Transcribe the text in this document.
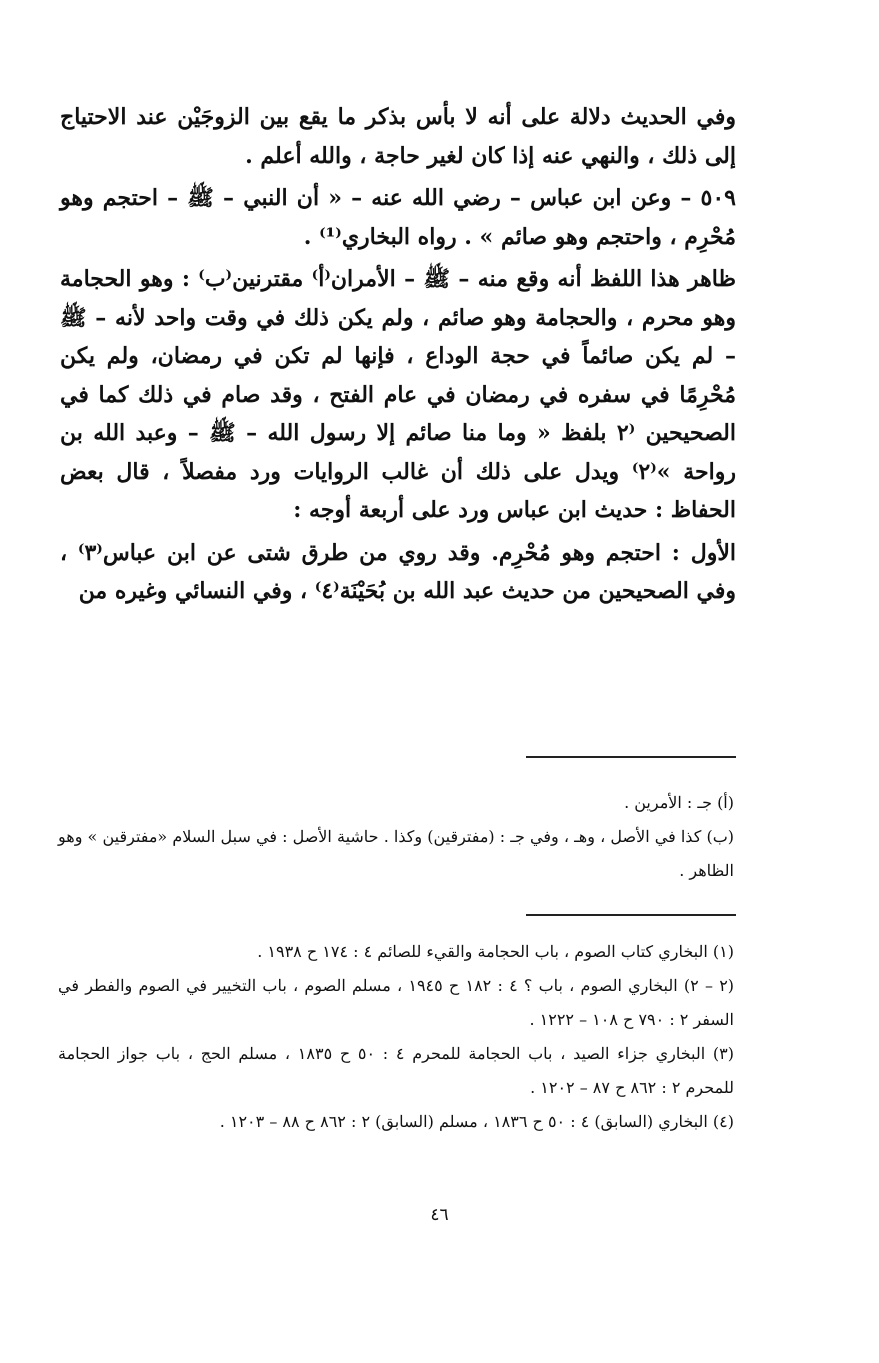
وفي الحديث دلالة على أنه لا بأس بذكر ما يقع بين الزوجَيْن عند الاحتياج إلى ذلك ، والنهي عنه إذا كان لغير حاجة ، والله أعلم .

٥٠٩ – وعن ابن عباس – رضي الله عنه – « أن النبي – ﷺ – احتجم وهو مُحْرِم ، واحتجم وهو صائم » . رواه البخاري⁽¹⁾ .

ظاهر هذا اللفظ أنه وقع منه – ﷺ – الأمران⁽أ⁾ مقترنين⁽ب⁾ : وهو الحجامة وهو محرم ، والحجامة وهو صائم ، ولم يكن ذلك في وقت واحد لأنه – ﷺ – لم يكن صائماً في حجة الوداع ، فإنها لم تكن في رمضان، ولم يكن مُحْرِمًا في سفره في رمضان في عام الفتح ، وقد صام في ذلك كما في الصحيحين ⁽٢ بلفظ « وما منا صائم إلا رسول الله – ﷺ – وعبد الله بن رواحة »⁽٢⁾ ويدل على ذلك أن غالب الروايات ورد مفصلاً ، قال بعض الحفاظ : حديث ابن عباس ورد على أربعة أوجه :

الأول : احتجم وهو مُحْرِم. وقد روي من طرق شتى عن ابن عباس⁽٣⁾ ، وفي الصحيحين من حديث عبد الله بن بُحَيْنَة⁽٤⁾ ، وفي النسائي وغيره من

(أ) جـ : الأمرين .

(ب) كذا في الأصل ، وهـ ، وفي جـ : (مفترقين) وكذا . حاشية الأصل : في سبل السلام «مفترقين » وهو الظاهر .

(١) البخاري كتاب الصوم ، باب الحجامة والقيء للصائم ٤ : ١٧٤ ح ١٩٣٨ .

(٢ – ٢) البخاري الصوم ، باب ؟ ٤ : ١٨٢ ح ١٩٤٥ ، مسلم الصوم ، باب التخيير في الصوم والفطر في السفر ٢ : ٧٩٠ ح ١٠٨ – ١٢٢٢ .

(٣) البخاري جزاء الصيد ، باب الحجامة للمحرم ٤ : ٥٠ ح ١٨٣٥ ، مسلم الحج ، باب جواز الحجامة للمحرم ٢ : ٨٦٢ ح ٨٧ – ١٢٠٢ .

(٤) البخاري (السابق) ٤ : ٥٠ ح ١٨٣٦ ، مسلم (السابق) ٢ : ٨٦٢ ح ٨٨ – ١٢٠٣ .

٤٦
